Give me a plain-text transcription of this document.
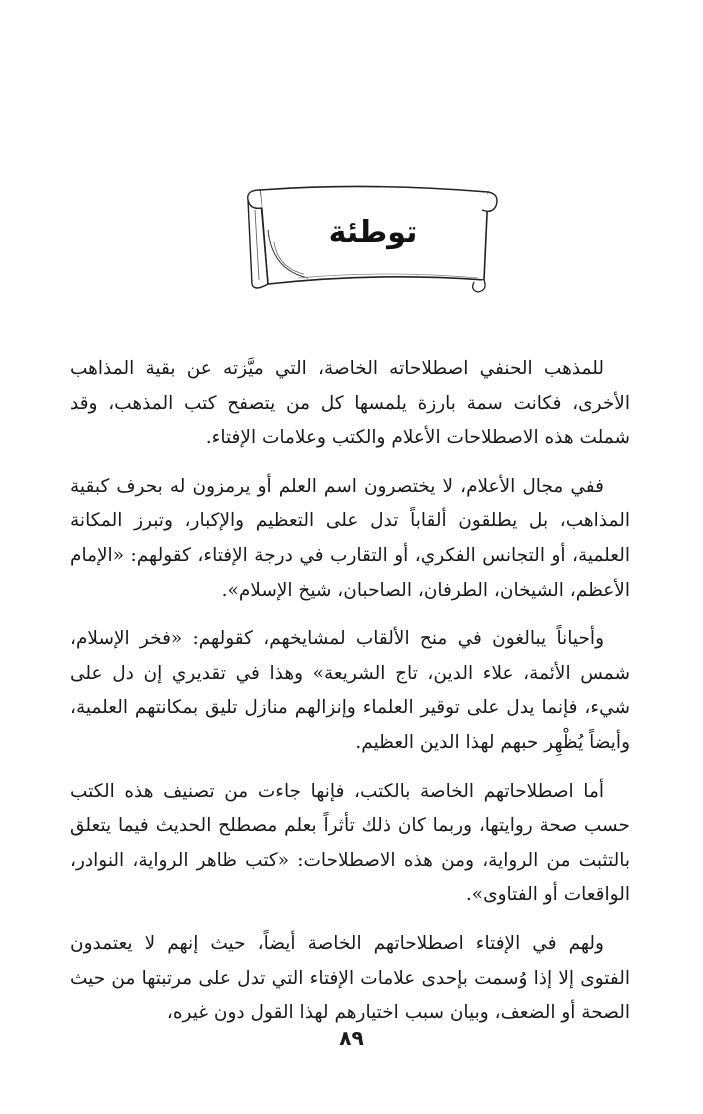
توطئة

للمذهب الحنفي اصطلاحاته الخاصة، التي ميَّزته عن بقية المذاهب الأخرى، فكانت سمة بارزة يلمسها كل من يتصفح كتب المذهب، وقد شملت هذه الاصطلاحات الأعلام والكتب وعلامات الإفتاء.

ففي مجال الأعلام، لا يختصرون اسم العلم أو يرمزون له بحرف كبقية المذاهب، بل يطلقون ألقاباً تدل على التعظيم والإكبار، وتبرز المكانة العلمية، أو التجانس الفكري، أو التقارب في درجة الإفتاء، كقولهم: «الإمام الأعظم، الشيخان، الطرفان، الصاحبان، شيخ الإسلام».

وأحياناً يبالغون في منح الألقاب لمشايخهم، كقولهم: «فخر الإسلام، شمس الأئمة، علاء الدين، تاج الشريعة» وهذا في تقديري إن دل على شيء، فإنما يدل على توقير العلماء وإنزالهم منازل تليق بمكانتهم العلمية، وأيضاً يُظْهِر حبهم لهذا الدين العظيم.

أما اصطلاحاتهم الخاصة بالكتب، فإنها جاءت من تصنيف هذه الكتب حسب صحة روايتها، وربما كان ذلك تأثراً بعلم مصطلح الحديث فيما يتعلق بالتثبت من الرواية، ومن هذه الاصطلاحات: «كتب ظاهر الرواية، النوادر، الواقعات أو الفتاوى».

ولهم في الإفتاء اصطلاحاتهم الخاصة أيضاً، حيث إنهم لا يعتمدون الفتوى إلا إذا وُسمت بإحدى علامات الإفتاء التي تدل على مرتبتها من حيث الصحة أو الضعف، وبيان سبب اختيارهم لهذا القول دون غيره،

٨٩
